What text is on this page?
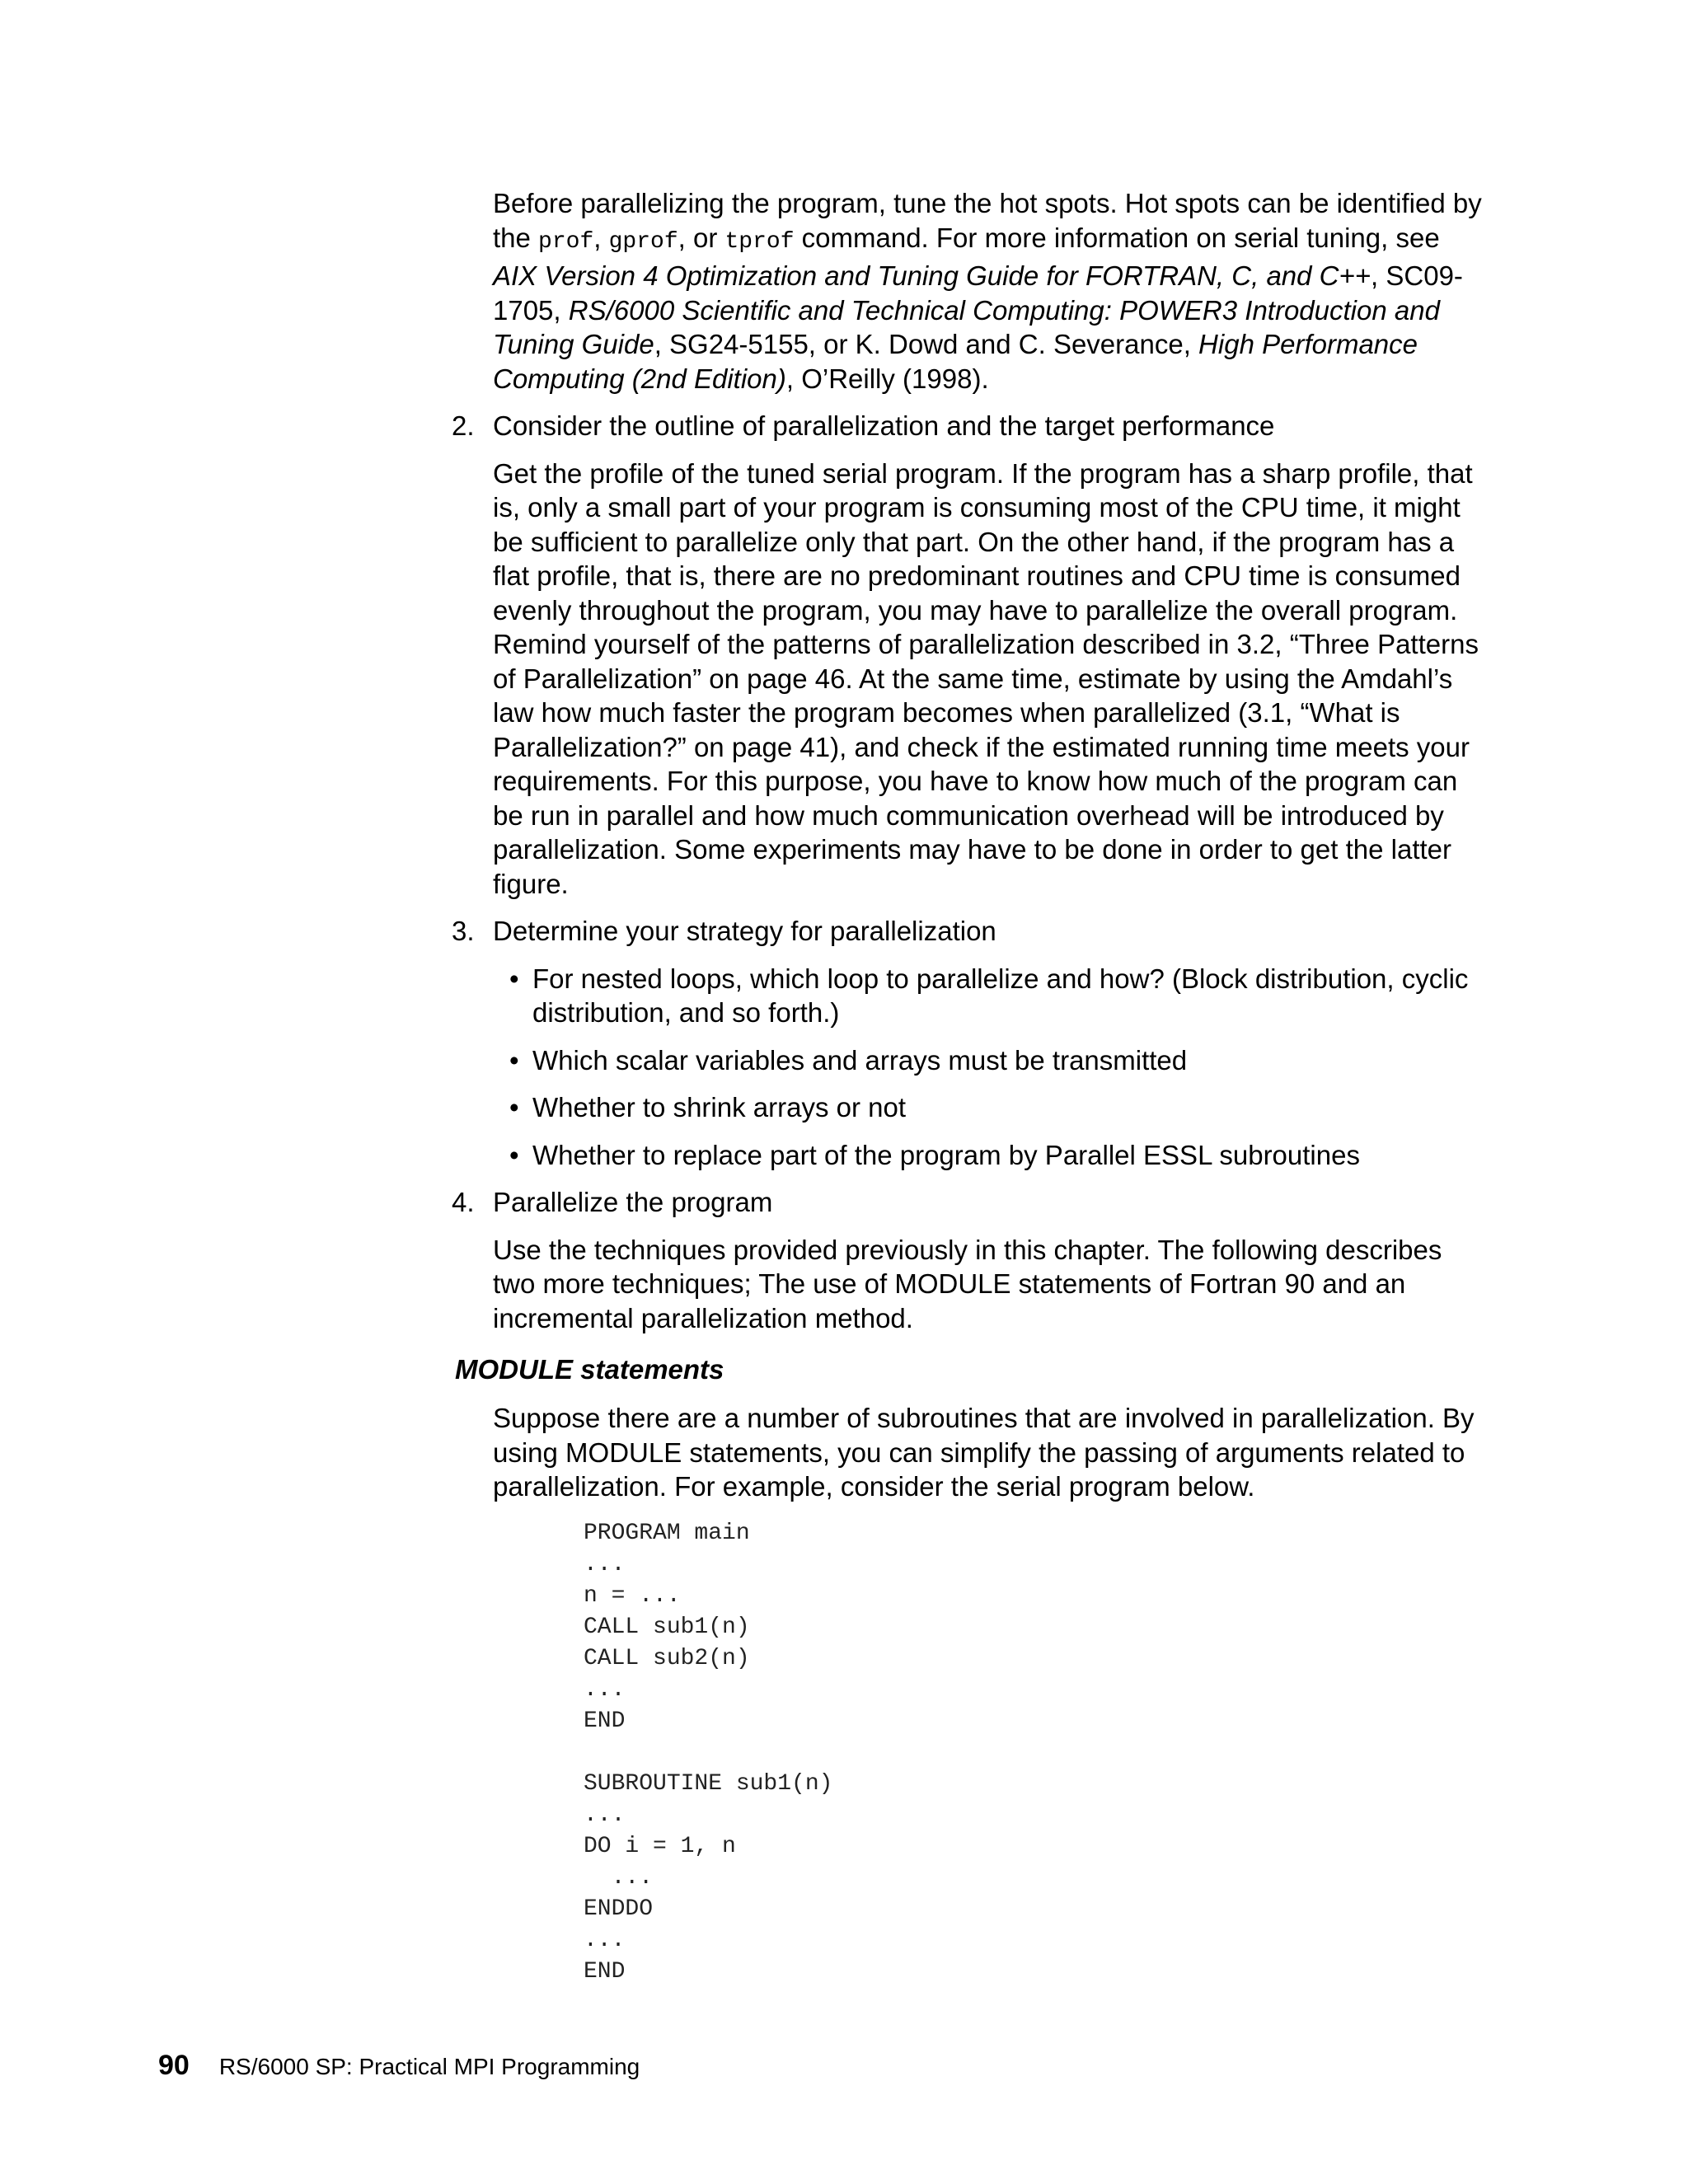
Before parallelizing the program, tune the hot spots. Hot spots can be identified by the prof, gprof, or tprof command. For more information on serial tuning, see AIX Version 4 Optimization and Tuning Guide for FORTRAN, C, and C++, SC09-1705, RS/6000 Scientific and Technical Computing: POWER3 Introduction and Tuning Guide, SG24-5155, or K. Dowd and C. Severance, High Performance Computing (2nd Edition), O’Reilly (1998).

2. Consider the outline of parallelization and the target performance

Get the profile of the tuned serial program. If the program has a sharp profile, that is, only a small part of your program is consuming most of the CPU time, it might be sufficient to parallelize only that part. On the other hand, if the program has a flat profile, that is, there are no predominant routines and CPU time is consumed evenly throughout the program, you may have to parallelize the overall program. Remind yourself of the patterns of parallelization described in 3.2, “Three Patterns of Parallelization” on page 46. At the same time, estimate by using the Amdahl’s law how much faster the program becomes when parallelized (3.1, “What is Parallelization?” on page 41), and check if the estimated running time meets your requirements. For this purpose, you have to know how much of the program can be run in parallel and how much communication overhead will be introduced by parallelization. Some experiments may have to be done in order to get the latter figure.

3. Determine your strategy for parallelization

• For nested loops, which loop to parallelize and how? (Block distribution, cyclic distribution, and so forth.)

• Which scalar variables and arrays must be transmitted

• Whether to shrink arrays or not

• Whether to replace part of the program by Parallel ESSL subroutines

4. Parallelize the program

Use the techniques provided previously in this chapter. The following describes two more techniques; The use of MODULE statements of Fortran 90 and an incremental parallelization method.

MODULE statements

Suppose there are a number of subroutines that are involved in parallelization. By using MODULE statements, you can simplify the passing of arguments related to parallelization. For example, consider the serial program below.

PROGRAM main
...
n = ...
CALL sub1(n)
CALL sub2(n)
...
END

SUBROUTINE sub1(n)
...
DO i = 1, n
...
ENDDO
...
END
90 RS/6000 SP: Practical MPI Programming
